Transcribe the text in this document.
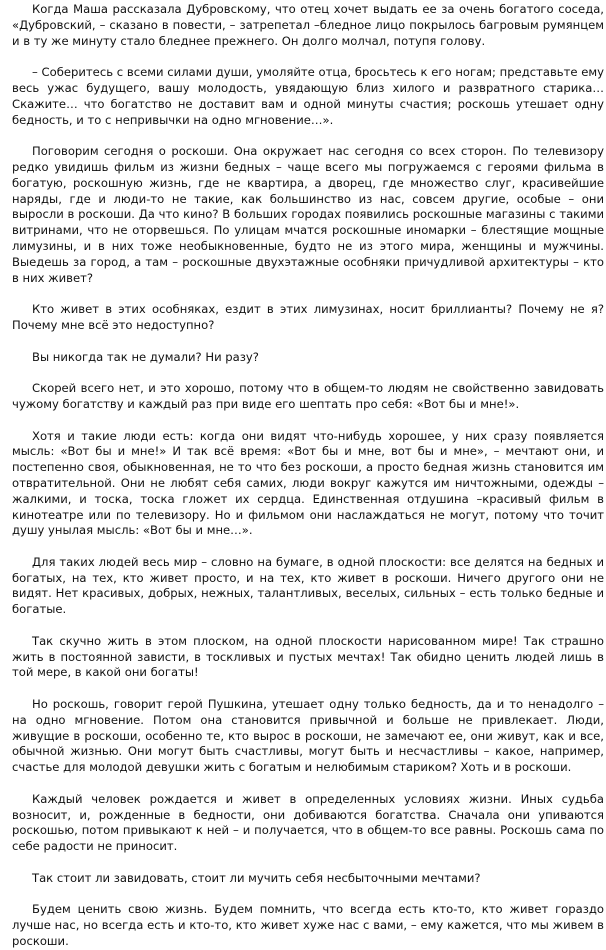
Когда Маша рассказала Дубровскому, что отец хочет выдать ее за очень богатого соседа, «Дубровский, – сказано в повести, – затрепетал –бледное лицо покрылось багровым румянцем и в ту же минуту стало бледнее прежнего. Он долго молчал, потупя голову.

– Соберитесь с всеми силами души, умоляйте отца, бросьтесь к его ногам; представьте ему весь ужас будущего, вашу молодость, увядающую близ хилого и развратного старика… Скажите… что богатство не доставит вам и одной минуты счастия; роскошь утешает одну бедность, и то с непривычки на одно мгновение…».

Поговорим сегодня о роскоши. Она окружает нас сегодня со всех сторон. По телевизору редко увидишь фильм из жизни бедных – чаще всего мы погружаемся с героями фильма в богатую, роскошную жизнь, где не квартира, а дворец, где множество слуг, красивейшие наряды, где и люди-то не такие, как большинство из нас, совсем другие, особые – они выросли в роскоши. Да что кино? В больших городах появились роскошные магазины с такими витринами, что не оторвешься. По улицам мчатся роскошные иномарки – блестящие мощные лимузины, и в них тоже необыкновенные, будто не из этого мира, женщины и мужчины. Выедешь за город, а там – роскошные двухэтажные особняки причудливой архитектуры – кто в них живет?

Кто живет в этих особняках, ездит в этих лимузинах, носит бриллианты? Почему не я? Почему мне всё это недоступно?

Вы никогда так не думали? Ни разу?

Скорей всего нет, и это хорошо, потому что в общем-то людям не свойственно завидовать чужому богатству и каждый раз при виде его шептать про себя: «Вот бы и мне!».

Хотя и такие люди есть: когда они видят что-нибудь хорошее, у них сразу появляется мысль: «Вот бы и мне!» И так всё время: «Вот бы и мне, вот бы и мне», – мечтают они, и постепенно своя, обыкновенная, не то что без роскоши, а просто бедная жизнь становится им отвратительной. Они не любят себя самих, люди вокруг кажутся им ничтожными, одежды –жалкими, и тоска, тоска гложет их сердца. Единственная отдушина –красивый фильм в кинотеатре или по телевизору. Но и фильмом они наслаждаться не могут, потому что точит душу унылая мысль: «Вот бы и мне…».

Для таких людей весь мир – словно на бумаге, в одной плоскости: все делятся на бедных и богатых, на тех, кто живет просто, и на тех, кто живет в роскоши. Ничего другого они не видят. Нет красивых, добрых, нежных, талантливых, веселых, сильных – есть только бедные и богатые.

Так скучно жить в этом плоском, на одной плоскости нарисованном мире! Так страшно жить в постоянной зависти, в тоскливых и пустых мечтах! Так обидно ценить людей лишь в той мере, в какой они богаты!

Но роскошь, говорит герой Пушкина, утешает одну только бедность, да и то ненадолго – на одно мгновение. Потом она становится привычной и больше не привлекает. Люди, живущие в роскоши, особенно те, кто вырос в роскоши, не замечают ее, они живут, как и все, обычной жизнью. Они могут быть счастливы, могут быть и несчастливы – какое, например, счастье для молодой девушки жить с богатым и нелюбимым стариком? Хоть и в роскоши.

Каждый человек рождается и живет в определенных условиях жизни. Иных судьба возносит, и, рожденные в бедности, они добиваются богатства. Сначала они упиваются роскошью, потом привыкают к ней – и получается, что в общем-то все равны. Роскошь сама по себе радости не приносит.

Так стоит ли завидовать, стоит ли мучить себя несбыточными мечтами?

Будем ценить свою жизнь. Будем помнить, что всегда есть кто-то, кто живет гораздо лучше нас, но всегда есть и кто-то, кто живет хуже нас с вами, – ему кажется, что мы живем в роскоши.
